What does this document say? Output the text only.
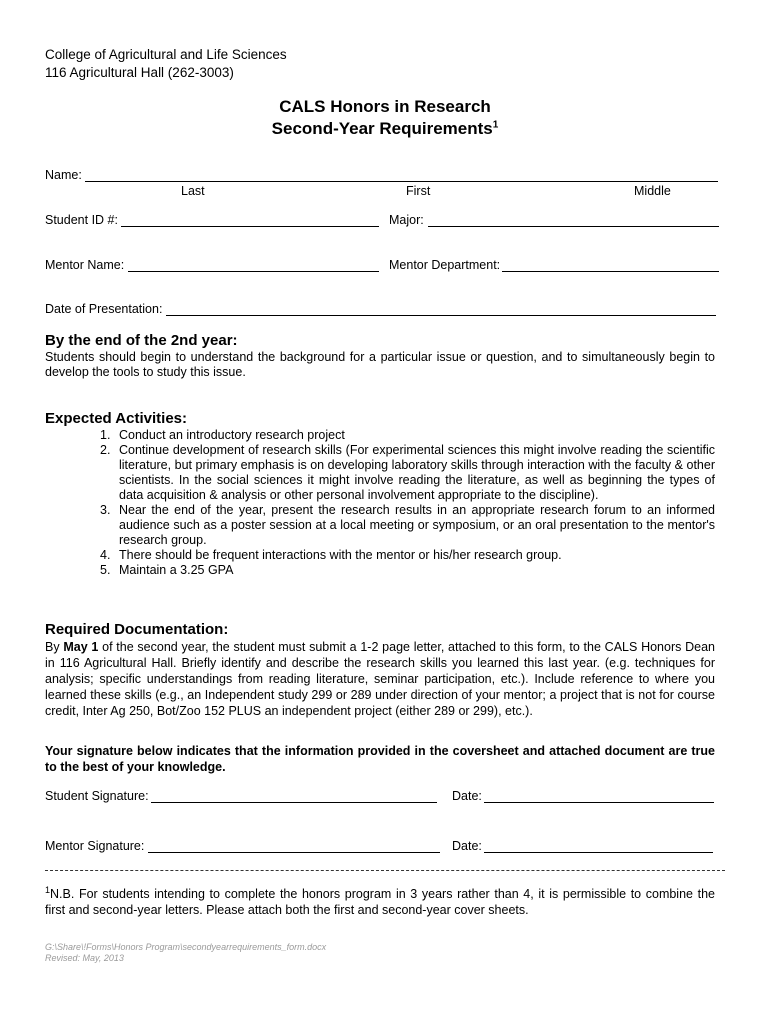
College of Agricultural and Life Sciences
116 Agricultural Hall (262-3003)
CALS Honors in Research
Second-Year Requirements$^1$
Name:
Last	First	Middle
Student ID #:	Major:
Mentor Name:	Mentor Department:
Date of Presentation:
By the end of the 2nd year:
Students should begin to understand the background for a particular issue or question, and to simultaneously begin to develop the tools to study this issue.
Expected Activities:
1. Conduct an introductory research project
2. Continue development of research skills (For experimental sciences this might involve reading the scientific literature, but primary emphasis is on developing laboratory skills through interaction with the faculty & other scientists. In the social sciences it might involve reading the literature, as well as beginning the types of data acquisition & analysis or other personal involvement appropriate to the discipline).
3. Near the end of the year, present the research results in an appropriate research forum to an informed audience such as a poster session at a local meeting or symposium, or an oral presentation to the mentor's research group.
4. There should be frequent interactions with the mentor or his/her research group.
5. Maintain a 3.25 GPA
Required Documentation:
By May 1 of the second year, the student must submit a 1-2 page letter, attached to this form, to the CALS Honors Dean in 116 Agricultural Hall. Briefly identify and describe the research skills you learned this last year. (e.g. techniques for analysis; specific understandings from reading literature, seminar participation, etc.). Include reference to where you learned these skills (e.g., an Independent study 299 or 289 under direction of your mentor; a project that is not for course credit, Inter Ag 250, Bot/Zoo 152 PLUS an independent project (either 289 or 299), etc.).
Your signature below indicates that the information provided in the coversheet and attached document are true to the best of your knowledge.
Student Signature:	Date:
Mentor Signature:	Date:
$^1$N.B. For students intending to complete the honors program in 3 years rather than 4, it is permissible to combine the first and second-year letters. Please attach both the first and second-year cover sheets.
G:\Share\!Forms\Honors Program\secondyearrequirements_form.docx
Revised: May, 2013
